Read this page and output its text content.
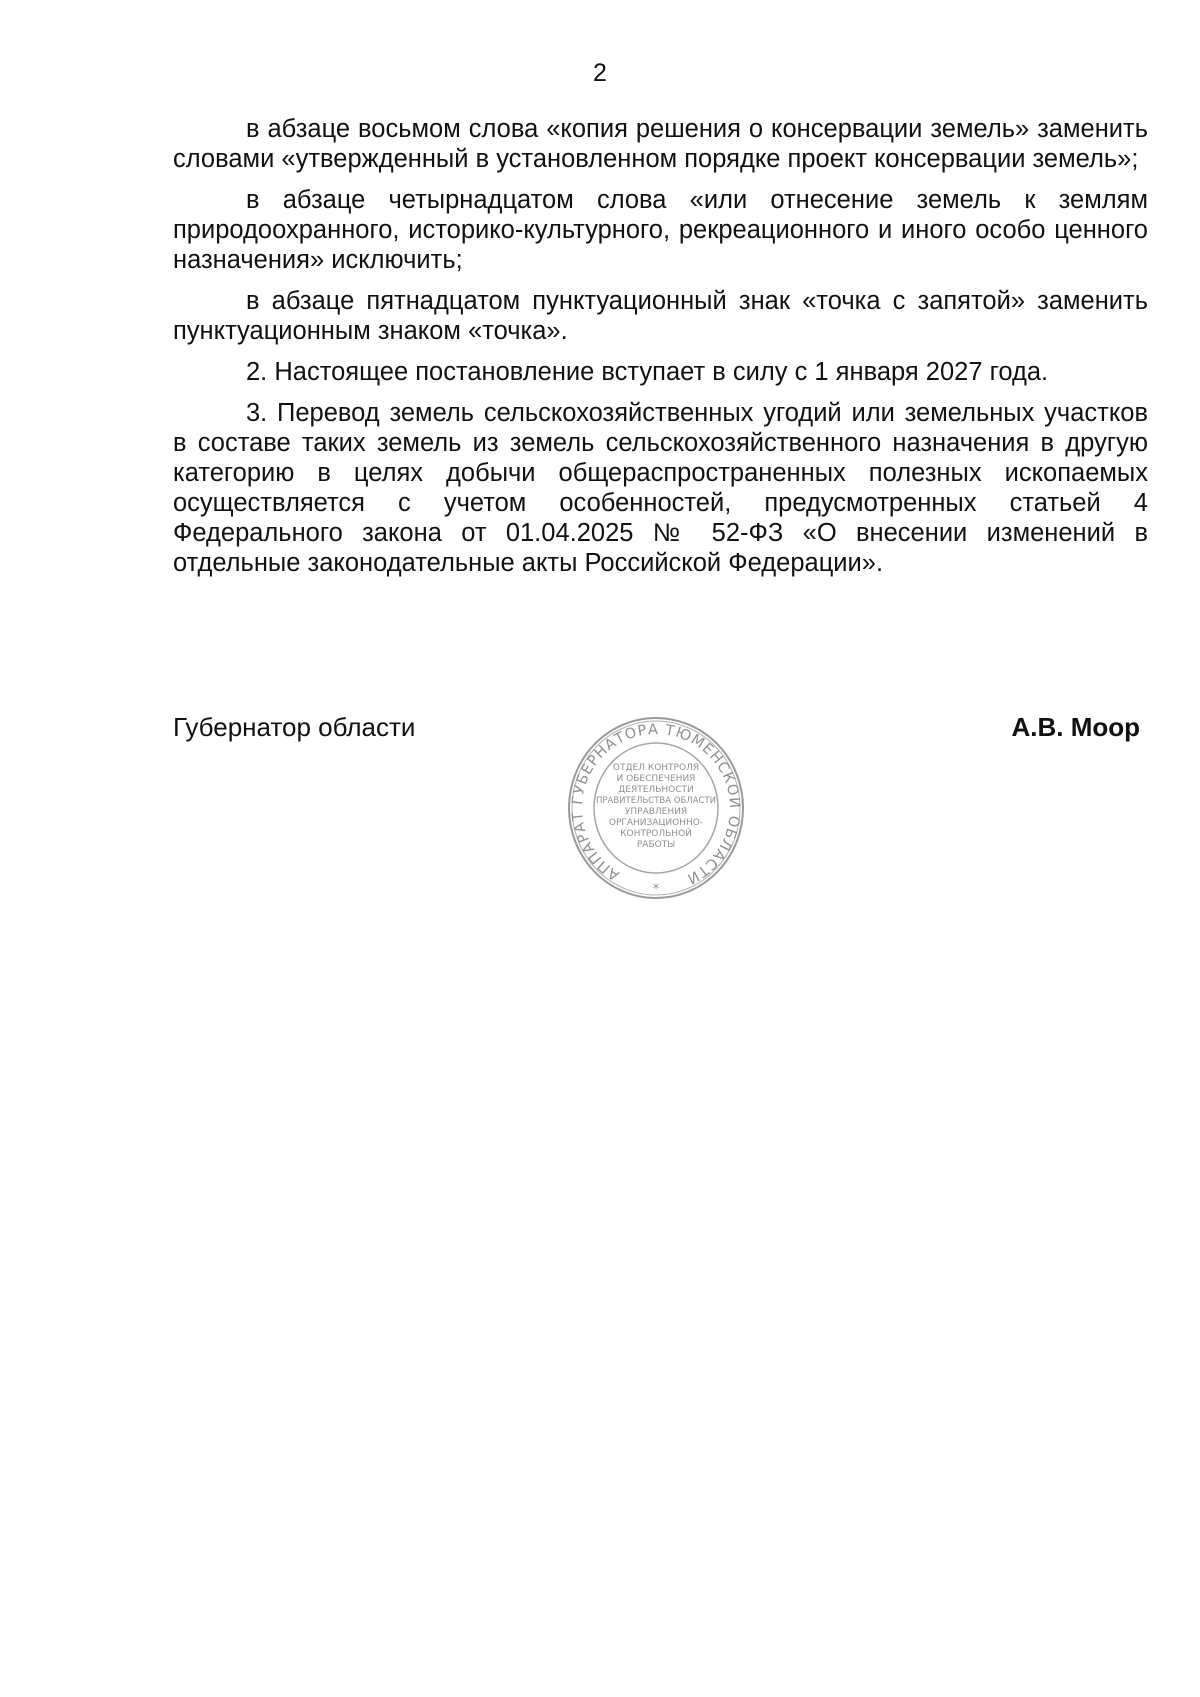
2

в абзаце восьмом слова «копия решения о консервации земель» заменить словами «утвержденный в установленном порядке проект консервации земель»;

в абзаце четырнадцатом слова «или отнесение земель к землям природоохранного, историко-культурного, рекреационного и иного особо ценного назначения» исключить;

в абзаце пятнадцатом пунктуационный знак «точка с запятой» заменить пунктуационным знаком «точка».

2. Настоящее постановление вступает в силу с 1 января 2027 года.

3. Перевод земель сельскохозяйственных угодий или земельных участков в составе таких земель из земель сельскохозяйственного назначения в другую категорию в целях добычи общераспространенных полезных ископаемых осуществляется с учетом особенностей, предусмотренных статьей 4 Федерального закона от 01.04.2025 № 52-ФЗ «О внесении изменений в отдельные законодательные акты Российской Федерации».

Губернатор области	А.В. Моор
АППАРАТ ГУБЕРНАТОРА ТЮМЕНСКОЙ ОБЛАСТИ
*
ОТДЕЛ КОНТРОЛЯ
И ОБЕСПЕЧЕНИЯ
ДЕЯТЕЛЬНОСТИ
ПРАВИТЕЛЬСТВА ОБЛАСТИ
УПРАВЛЕНИЯ
ОРГАНИЗАЦИОННО-
КОНТРОЛЬНОЙ
РАБОТЫ
